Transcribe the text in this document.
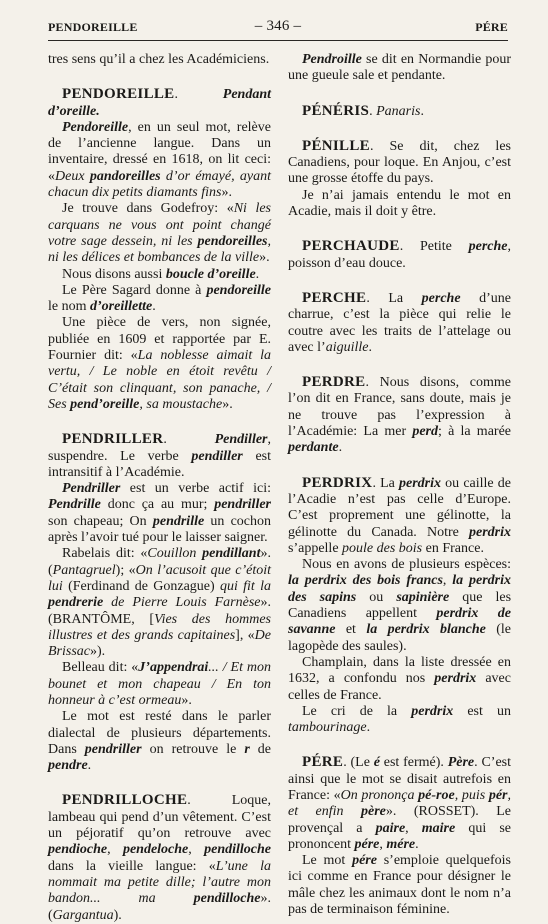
PENDOREILLE	– 346 –	PÉRE

tres sens qu’il a chez les Académiciens.

PENDOREILLE. Pendant d’oreille.

Pendoreille, en un seul mot, relève de l’ancienne langue. Dans un inventaire, dressé en 1618, on lit ceci: «Deux pandoreilles d’or émayé, ayant chacun dix petits diamants fins».

Je trouve dans Godefroy: «Ni les carquans ne vous ont point changé votre sage dessein, ni les pendoreilles, ni les délices et bombances de la ville».

Nous disons aussi boucle d’oreille.

Le Père Sagard donne à pendoreille le nom d’oreillette.

Une pièce de vers, non signée, publiée en 1609 et rapportée par E. Fournier dit: «La noblesse aimait la vertu, / Le noble en étoit revêtu / C’était son clinquant, son panache, / Ses pend’oreille, sa moustache».

PENDRILLER. Pendiller, suspendre. Le verbe pendiller est intransitif à l’Académie.

Pendriller est un verbe actif ici: Pendrille donc ça au mur; pendriller son chapeau; On pendrille un cochon après l’avoir tué pour le laisser saigner.

Rabelais dit: «Couillon pendillant». (Pantagruel); «On l’acusoit que c’étoit lui (Ferdinand de Gonzague) qui fit la pendrerie de Pierre Louis Farnèse». (BRANTÔME, [Vies des hommes illustres et des grands capitaines], «De Brissac»).

Belleau dit: «J’appendrai... / Et mon bounet et mon chapeau / En ton honneur à c’est ormeau».

Le mot est resté dans le parler dialectal de plusieurs départements. Dans pendriller on retrouve le r de pendre.

PENDRILLOCHE. Loque, lambeau qui pend d’un vêtement. C’est un péjoratif qu’on retrouve avec pendioche, pendeloche, pendilloche dans la vieille langue: «L’une la nommait ma petite dille; l’autre mon bandon... ma pendilloche». (Gargantua).

Pendroille se dit en Normandie pour une gueule sale et pendante.

PÉNÉRIS. Panaris.

PÉNILLE. Se dit, chez les Canadiens, pour loque. En Anjou, c’est une grosse étoffe du pays.

Je n’ai jamais entendu le mot en Acadie, mais il doit y être.

PERCHAUDE. Petite perche, poisson d’eau douce.

PERCHE. La perche d’une charrue, c’est la pièce qui relie le coutre avec les traits de l’attelage ou avec l’aiguille.

PERDRE. Nous disons, comme l’on dit en France, sans doute, mais je ne trouve pas l’expression à l’Académie: La mer perd; à la marée perdante.

PERDRIX. La perdrix ou caille de l’Acadie n’est pas celle d’Europe. C’est proprement une gélinotte, la gélinotte du Canada. Notre perdrix s’appelle poule des bois en France.

Nous en avons de plusieurs espèces: la perdrix des bois francs, la perdrix des sapins ou sapinière que les Canadiens appellent perdrix de savanne et la perdrix blanche (le lagopède des saules).

Champlain, dans la liste dressée en 1632, a confondu nos perdrix avec celles de France.

Le cri de la perdrix est un tambourinage.

PÉRE. (Le é est fermé). Père. C’est ainsi que le mot se disait autrefois en France: «On prononça pé-roe, puis pér, et enfin père». (ROSSET). Le provençal a paire, maire qui se prononcent pére, mére.

Le mot pére s’emploie quelquefois ici comme en France pour désigner le mâle chez les animaux dont le nom n’a pas de terminaison féminine.
